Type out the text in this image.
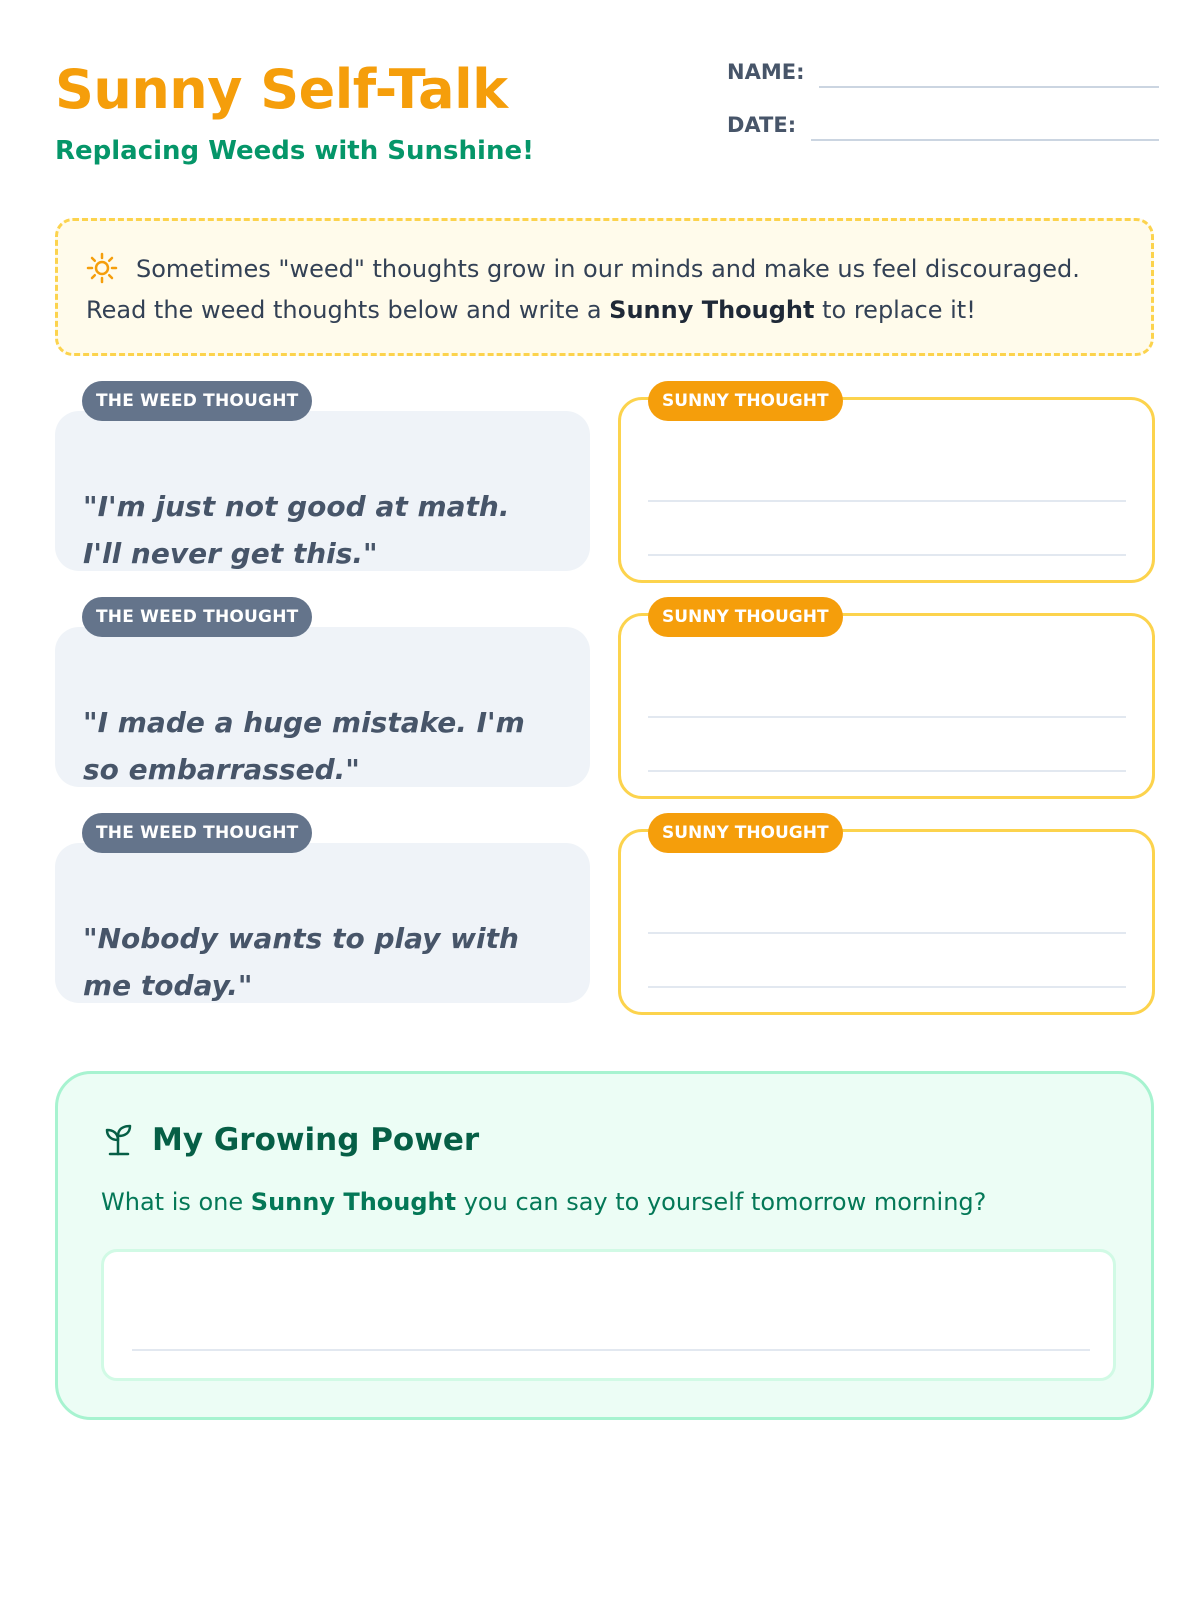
Sunny Self-Talk
Replacing Weeds with Sunshine!
NAME:
DATE:
Sometimes "weed" thoughts grow in our minds and make us feel discouraged. Read the weed thoughts below and write a Sunny Thought to replace it!
"I'm just not good at math. I'll never get this."
THE WEED THOUGHT	SUNNY THOUGHT
"I made a huge mistake. I'm so embarrassed."
THE WEED THOUGHT	SUNNY THOUGHT
"Nobody wants to play with me today."
THE WEED THOUGHT	SUNNY THOUGHT
My Growing Power
What is one Sunny Thought you can say to yourself tomorrow morning?
